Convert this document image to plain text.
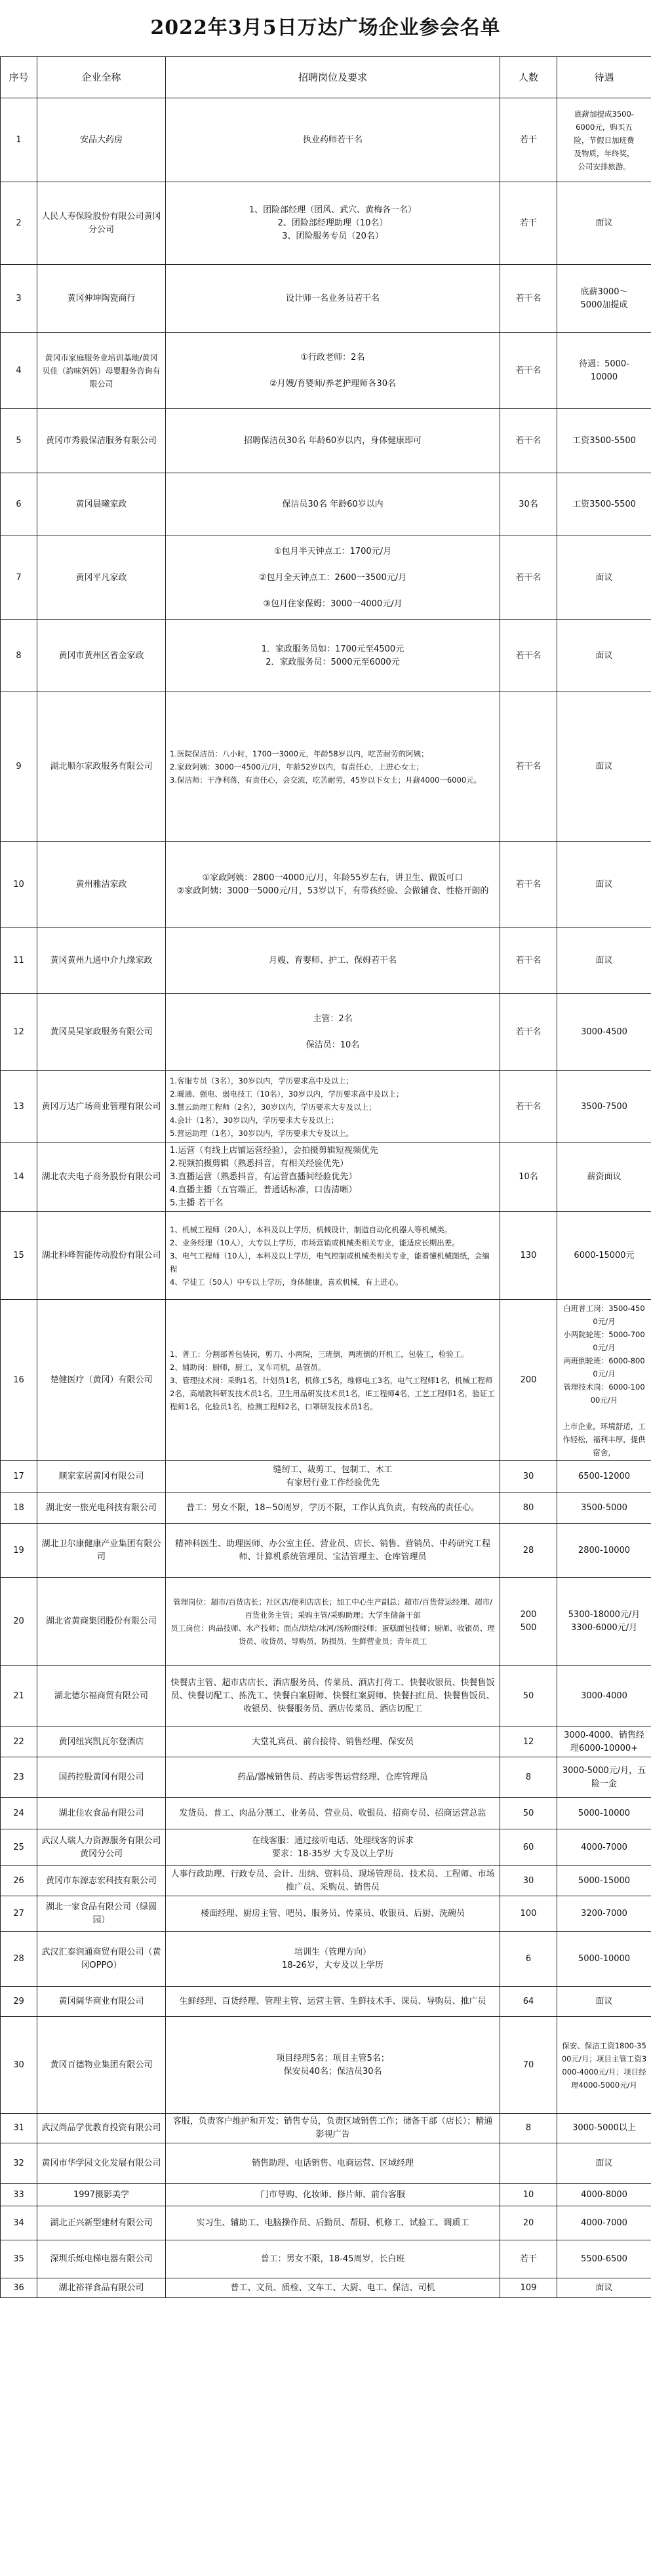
2022年3月5日万达广场企业参会名单
序号	企业全称	招聘岗位及要求	人数	待遇
1	安品大药房	执业药师若干名	若干	底薪加提成3500-
6000元，购买五
险，节假日加班费
及物质，年终奖，
公司安排旅游。

2	人民人寿保险股份有限公司黄冈分公司	1、团险部经理（团风、武穴、黄梅各一名）
2、团险部经理助理（10名）
3、团险服务专员（20名）	若干	面议

3	黄冈伸坤陶瓷商行	设计师一名业务员若干名	若干名	底薪3000～
5000加提成

4	黄冈市家庭服务业培训基地/黄冈贝佳（韵味妈妈）母婴服务咨询有限公司	①行政老师：2名

②月嫂/育婴师/养老护理师各30名	若干名	待遇：5000-
10000

5	黄冈市秀毅保洁服务有限公司	招聘保洁员30名 年龄60岁以内，身体健康即可	若干名	工资3500-5500

6	黄冈晨曦家政	保洁员30名 年龄60岁以内	30名	工资3500-5500

7	黄冈平凡家政	①包月半天钟点工：1700元/月

②包月全天钟点工：2600一3500元/月

③包月住家保姆：3000一4000元/月	若干名	面议

8	黄冈市黄州区省金家政	1．家政服务员如：1700元至4500元
2．家政服务员：5000元至6000元	若干名	面议

9	湖北顺尔家政服务有限公司	1.医院保洁员：八小时，1700一3000元，年龄58岁以内，吃苦耐劳的阿姨；
2.家政阿姨：3000一4500元/月，年龄52岁以内，有责任心，上进心女士；
3.保洁师：干净利落，有责任心，会交流，吃苦耐劳，45岁以下女士；月薪4000一6000元。	若干名	面议

10	黄州雅洁家政	①家政阿姨：2800一4000元/月，年龄55岁左右，讲卫生、做饭可口
②家政阿姨：3000一5000元/月，53岁以下，有带孩经验、会做辅食、性格开朗的	若干名	面议

11	黄冈黄州九通中介九缘家政	月嫂、育婴师、护工、保姆若干名	若干名	面议

12	黄冈昊昊家政服务有限公司	主管：2名

保洁员：10名	若干名	3000-4500

13	黄冈万达广场商业管理有限公司	1.客服专员（3名），30岁以内，学历要求高中及以上；
2.暖通、强电、弱电技工（10名），30岁以内，学历要求高中及以上；
3.慧云助理工程师（2名），30岁以内，学历要求大专及以上；
4.会计（1名），30岁以内，学历要求大专及以上；
5.营运助理（1名），30岁以内，学历要求大专及以上。	若干名	3500-7500

14	湖北农夫电子商务股份有限公司	1.运营（有线上店铺运营经验），会拍摄剪辑短视频优先
2.视频拍摄剪辑（熟悉抖音，有相关经验优先）
3.直播运营（熟悉抖音，有运营直播间经验优先）
4.直播主播（五官端正，普通话标准，口齿清晰）
5.主播 若干名	10名	薪资面议

15	湖北科峰智能传动股份有限公司	1、机械工程师（20人），本科及以上学历，机械设计，制造自动化机器人等机械类。
2、业务经理（10人），大专以上学历，市场营销或机械类相关专业，能适应长期出差。
3、电气工程师（10人），本科及以上学历，电气控制或机械类相关专业，能看懂机械图纸，会编程
4、学徒工（50人）中专以上学历，身体健康，喜欢机械，有上进心。	130	6000-15000元

16	楚健医疗（黄冈）有限公司	1、普工：分割部普包装岗，剪刀、小两院，三班倒，两班倒的开机工，包装工，检验工。
2、辅助岗：厨师，厨工，叉车司机，品管员。
3、管理技术岗：采购1名，计划员1名，机修工5名，维修电工3名，电气工程师1名，机械工程师2名，高端教科研发技术员1名，卫生用品研发技术员1名，IE工程师4名，工艺工程师1名，验证工程师1名，化验员1名，检测工程师2名，口罩研发技术员1名。	200	白班普工岗：3500-4500元/月
小两院轮班：5000-7000元/月
两班倒轮班：6000-8000元/月
管理技术岗：6000-10000元/月

上市企业，环境舒适，工作轻松，福利丰厚，提供宿舍，

17	顺家家居黄冈有限公司	缝纫工、裁剪工、包制工、木工
有家居行业工作经验优先	30	6500-12000

18	湖北安一旅光电科技有限公司	普工：男女不限，18~50周岁，学历不限，工作认真负责，有较高的责任心。	80	3500-5000

19	湖北卫尔康健康产业集团有限公司	精神科医生、助理医师、办公室主任、营业员、店长、销售、营销员、中药研究工程师、计算机系统管理员、宝洁管理主、仓库管理员	28	2800-10000

20	湖北省黄商集团股份有限公司	管理岗位：超市/百货店长；社区店/便利店店长；加工中心生产副总；超市/百货营运经理、超市/百货业务主管；采购主管/采购助理；大学生储备干部
员工岗位：肉品技师、水产技师；面点/烘焙/冰河/汤粉面技师；蛋糕面包技师；厨师、收银员、理货员、收货员、导购员、防损员、生鲜营业员；青年员工	200
500	5300-18000元/月
3300-6000元/月

21	湖北德尔福商贸有限公司	快餐店主管、超市店店长、酒店服务员、传菜员、酒店打荷工、快餐收银员、快餐售饭员、快餐切配工、拣洗工、快餐白案厨师、快餐红案厨师、快餐扫红员、快餐售饭员、收银员、快餐服务员、酒店传菜员、酒店切配工	50	3000-4000

22	黄冈纽宾凯瓦尔登酒店	大堂礼宾员、前台接待、销售经理、保安员	12	3000-4000、销售经理6000-10000+

23	国药控股黄冈有限公司	药品/器械销售员、药店零售运营经理、仓库管理员	8	3000-5000元/月，五险一金

24	湖北佳农食品有限公司	发货员、普工、肉品分割工、业务员、营业员、收银员、招商专员、招商运营总监	50	5000-10000

25	武汉人瑞人力资源服务有限公司黄冈分公司	在线客服：通过接听电话、处理线客的诉求
要求：18-35岁 大专及以上学历	60	4000-7000

26	黄冈市东源志宏科技有限公司	人事行政助理、行政专员、会计、出纳、资料员、现场管理员、技术员、工程师、市场推广员、采购员、销售员	30	5000-15000

27	湖北一家食品有限公司（绿圆园）	楼面经理、厨房主管、吧员、服务员、传菜员、收银员、后厨、洗碗员	100	3200-7000

28	武汉汇泰润通商贸有限公司（黄冈OPPO）	培训生（管理方向）
18-26岁，大专及以上学历	6	5000-10000

29	黄冈阔华商业有限公司	生鲜经理、百货经理、管理主管、运营主管、生鲜技术手、课员、导购员、推广员	64	面议

30	黄冈百德物业集团有限公司	项目经理5名；项目主管5名；
保安员40名；保洁员30名	70	保安、保洁工资1800-3500元/月；项目主管工资3000-4000元/月；项目经理4000-5000元/月

31	武汉尚品学优教育投资有限公司	客服，负责客户维护和开发；销售专员，负责区域销售工作；储备干部（店长）；精通影视广告	8	3000-5000以上

32	黄冈市华学园文化发展有限公司	销售助理、电话销售、电商运营、区域经理		面议

33	1997摄影美学	门市导购、化妆师、修片师、前台客服	10	4000-8000

34	湖北正兴新型建材有限公司	实习生、辅助工、电脑操作员、后勤员、帮厨、机修工、试验工、调质工	20	4000-7000

35	深圳乐烁电梯电器有限公司	普工：男女不限，18-45周岁，长白班	若干	5500-6500

36	湖北裕祥食品有限公司	普工、文员、质检、文车工、大厨、电工、保洁、司机	109	面议
